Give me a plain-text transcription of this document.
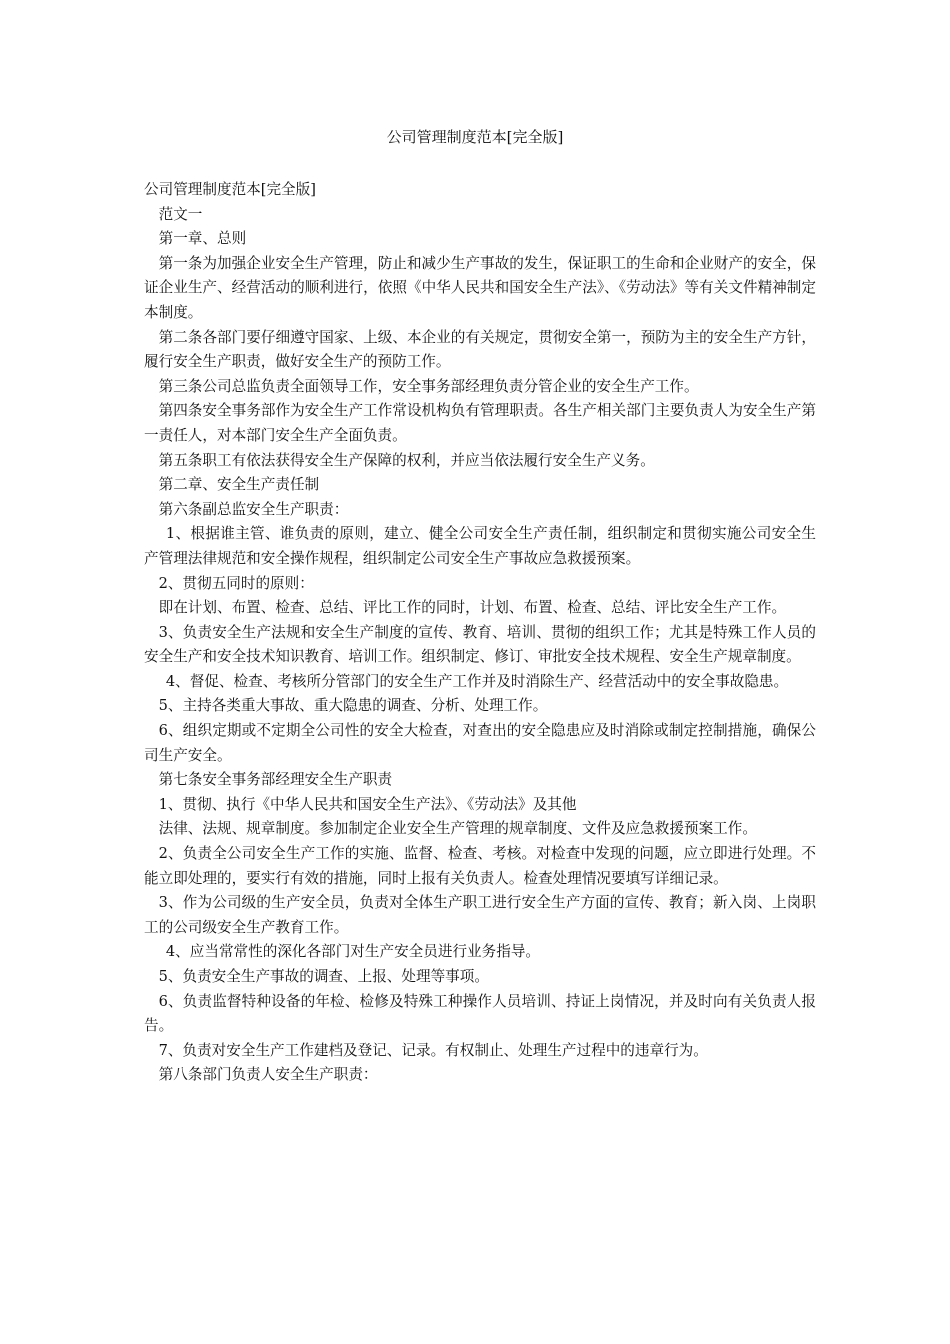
公司管理制度范本[完全版]

公司管理制度范本[完全版]

范文一

第一章、总则

第一条为加强企业安全生产管理，防止和减少生产事故的发生，保证职工的生命和企业财产的安全，保证企业生产、经营活动的顺利进行，依照《中华人民共和国安全生产法》、《劳动法》等有关文件精神制定本制度。

第二条各部门要仔细遵守国家、上级、本企业的有关规定，贯彻安全第一，预防为主的安全生产方针，履行安全生产职责，做好安全生产的预防工作。

第三条公司总监负责全面领导工作，安全事务部经理负责分管企业的安全生产工作。

第四条安全事务部作为安全生产工作常设机构负有管理职责。各生产相关部门主要负责人为安全生产第一责任人，对本部门安全生产全面负责。

第五条职工有依法获得安全生产保障的权利，并应当依法履行安全生产义务。

第二章、安全生产责任制

第六条副总监安全生产职责：

1、根据谁主管、谁负责的原则，建立、健全公司安全生产责任制，组织制定和贯彻实施公司安全生产管理法律规范和安全操作规程，组织制定公司安全生产事故应急救援预案。

2、贯彻五同时的原则：

即在计划、布置、检查、总结、评比工作的同时，计划、布置、检查、总结、评比安全生产工作。

3、负责安全生产法规和安全生产制度的宣传、教育、培训、贯彻的组织工作；尤其是特殊工作人员的安全生产和安全技术知识教育、培训工作。组织制定、修订、审批安全技术规程、安全生产规章制度。

4、督促、检查、考核所分管部门的安全生产工作并及时消除生产、经营活动中的安全事故隐患。

5、主持各类重大事故、重大隐患的调查、分析、处理工作。

6、组织定期或不定期全公司性的安全大检查，对查出的安全隐患应及时消除或制定控制措施，确保公司生产安全。

第七条安全事务部经理安全生产职责

1、贯彻、执行《中华人民共和国安全生产法》、《劳动法》及其他

法律、法规、规章制度。参加制定企业安全生产管理的规章制度、文件及应急救援预案工作。

2、负责全公司安全生产工作的实施、监督、检查、考核。对检查中发现的问题，应立即进行处理。不能立即处理的，要实行有效的措施，同时上报有关负责人。检查处理情况要填写详细记录。

3、作为公司级的生产安全员，负责对全体生产职工进行安全生产方面的宣传、教育；新入岗、上岗职工的公司级安全生产教育工作。

4、应当常常性的深化各部门对生产安全员进行业务指导。

5、负责安全生产事故的调查、上报、处理等事项。

6、负责监督特种设备的年检、检修及特殊工种操作人员培训、持证上岗情况，并及时向有关负责人报告。

7、负责对安全生产工作建档及登记、记录。有权制止、处理生产过程中的违章行为。

第八条部门负责人安全生产职责：
